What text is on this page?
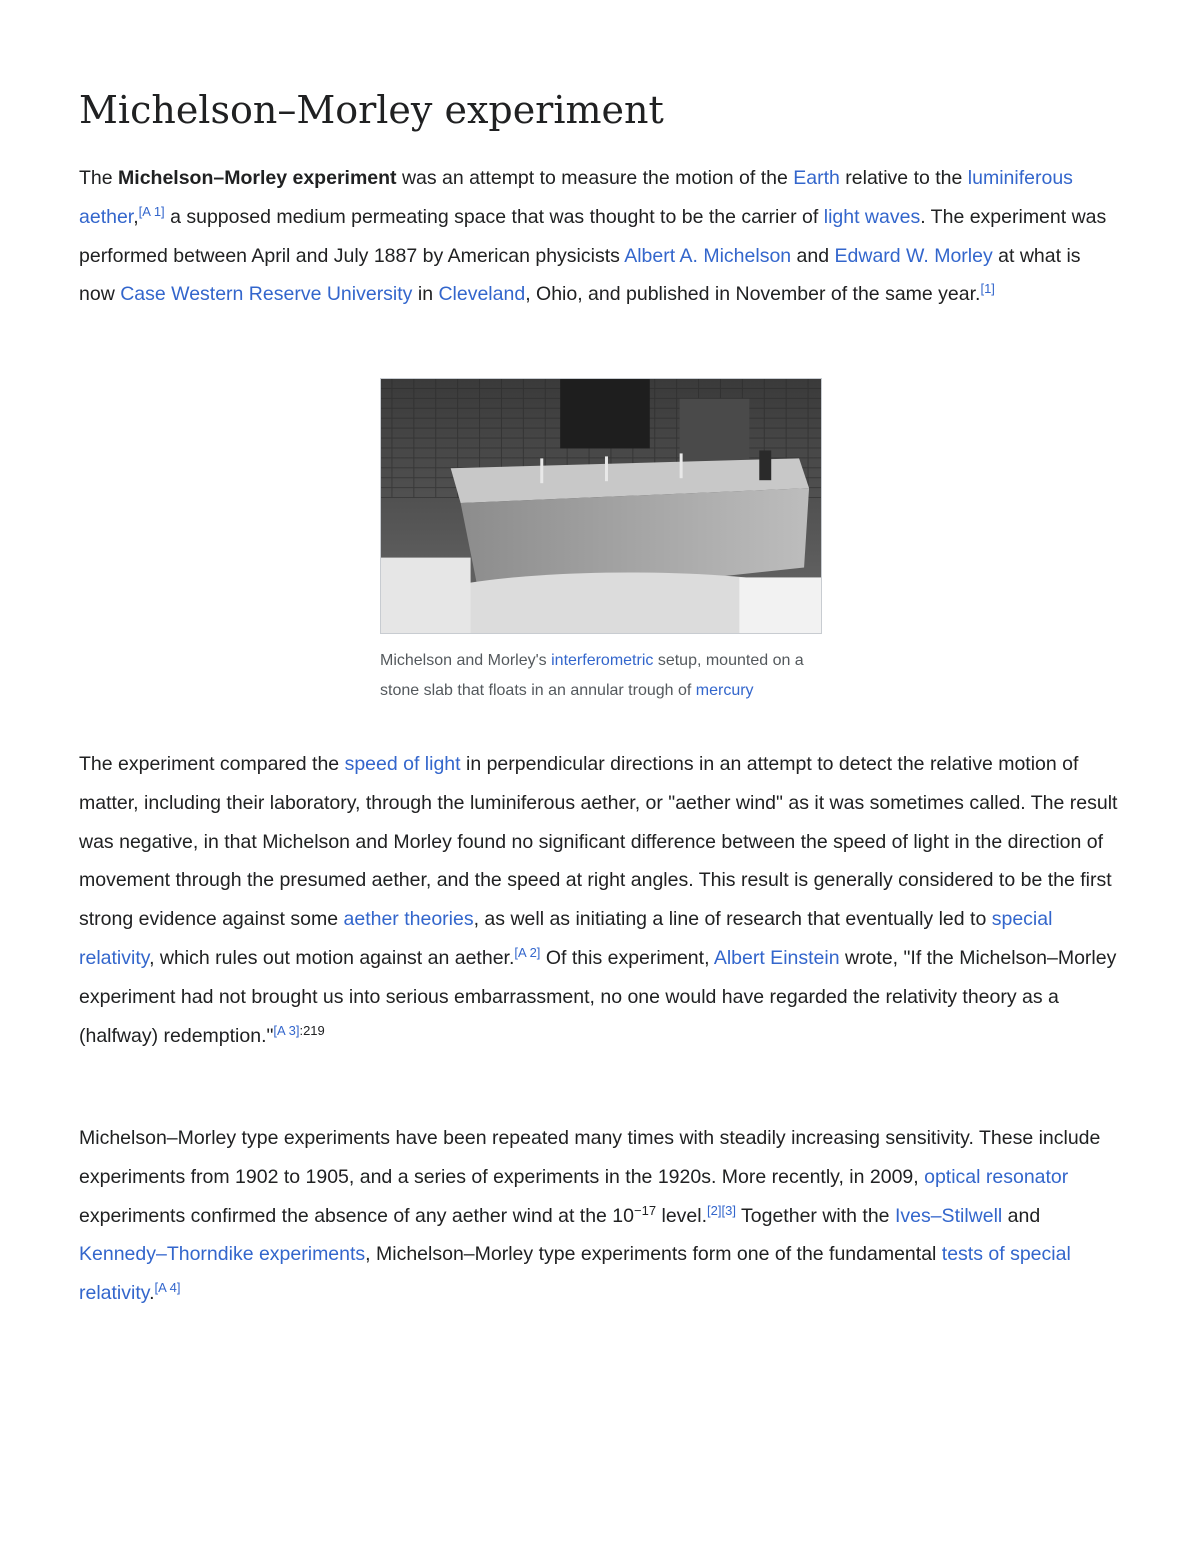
Michelson–Morley experiment

The Michelson–Morley experiment was an attempt to measure the motion of the Earth relative to the luminiferous aether,[A 1] a supposed medium permeating space that was thought to be the carrier of light waves. The experiment was performed between April and July 1887 by American physicists Albert A. Michelson and Edward W. Morley at what is now Case Western Reserve University in Cleveland, Ohio, and published in November of the same year.[1]

Michelson and Morley's interferometric setup, mounted on a stone slab that floats in an annular trough of mercury

The experiment compared the speed of light in perpendicular directions in an attempt to detect the relative motion of matter, including their laboratory, through the luminiferous aether, or "aether wind" as it was sometimes called. The result was negative, in that Michelson and Morley found no significant difference between the speed of light in the direction of movement through the presumed aether, and the speed at right angles. This result is generally considered to be the first strong evidence against some aether theories, as well as initiating a line of research that eventually led to special relativity, which rules out motion against an aether.[A 2] Of this experiment, Albert Einstein wrote, "If the Michelson–Morley experiment had not brought us into serious embarrassment, no one would have regarded the relativity theory as a (halfway) redemption."$^{[A 3]:219}$

Michelson–Morley type experiments have been repeated many times with steadily increasing sensitivity. These include experiments from 1902 to 1905, and a series of experiments in the 1920s. More recently, in 2009, optical resonator experiments confirmed the absence of any aether wind at the $10^{-17}$ level.[2][3] Together with the Ives–Stilwell and Kennedy–Thorndike experiments, Michelson–Morley type experiments form one of the fundamental tests of special relativity.[A 4]
